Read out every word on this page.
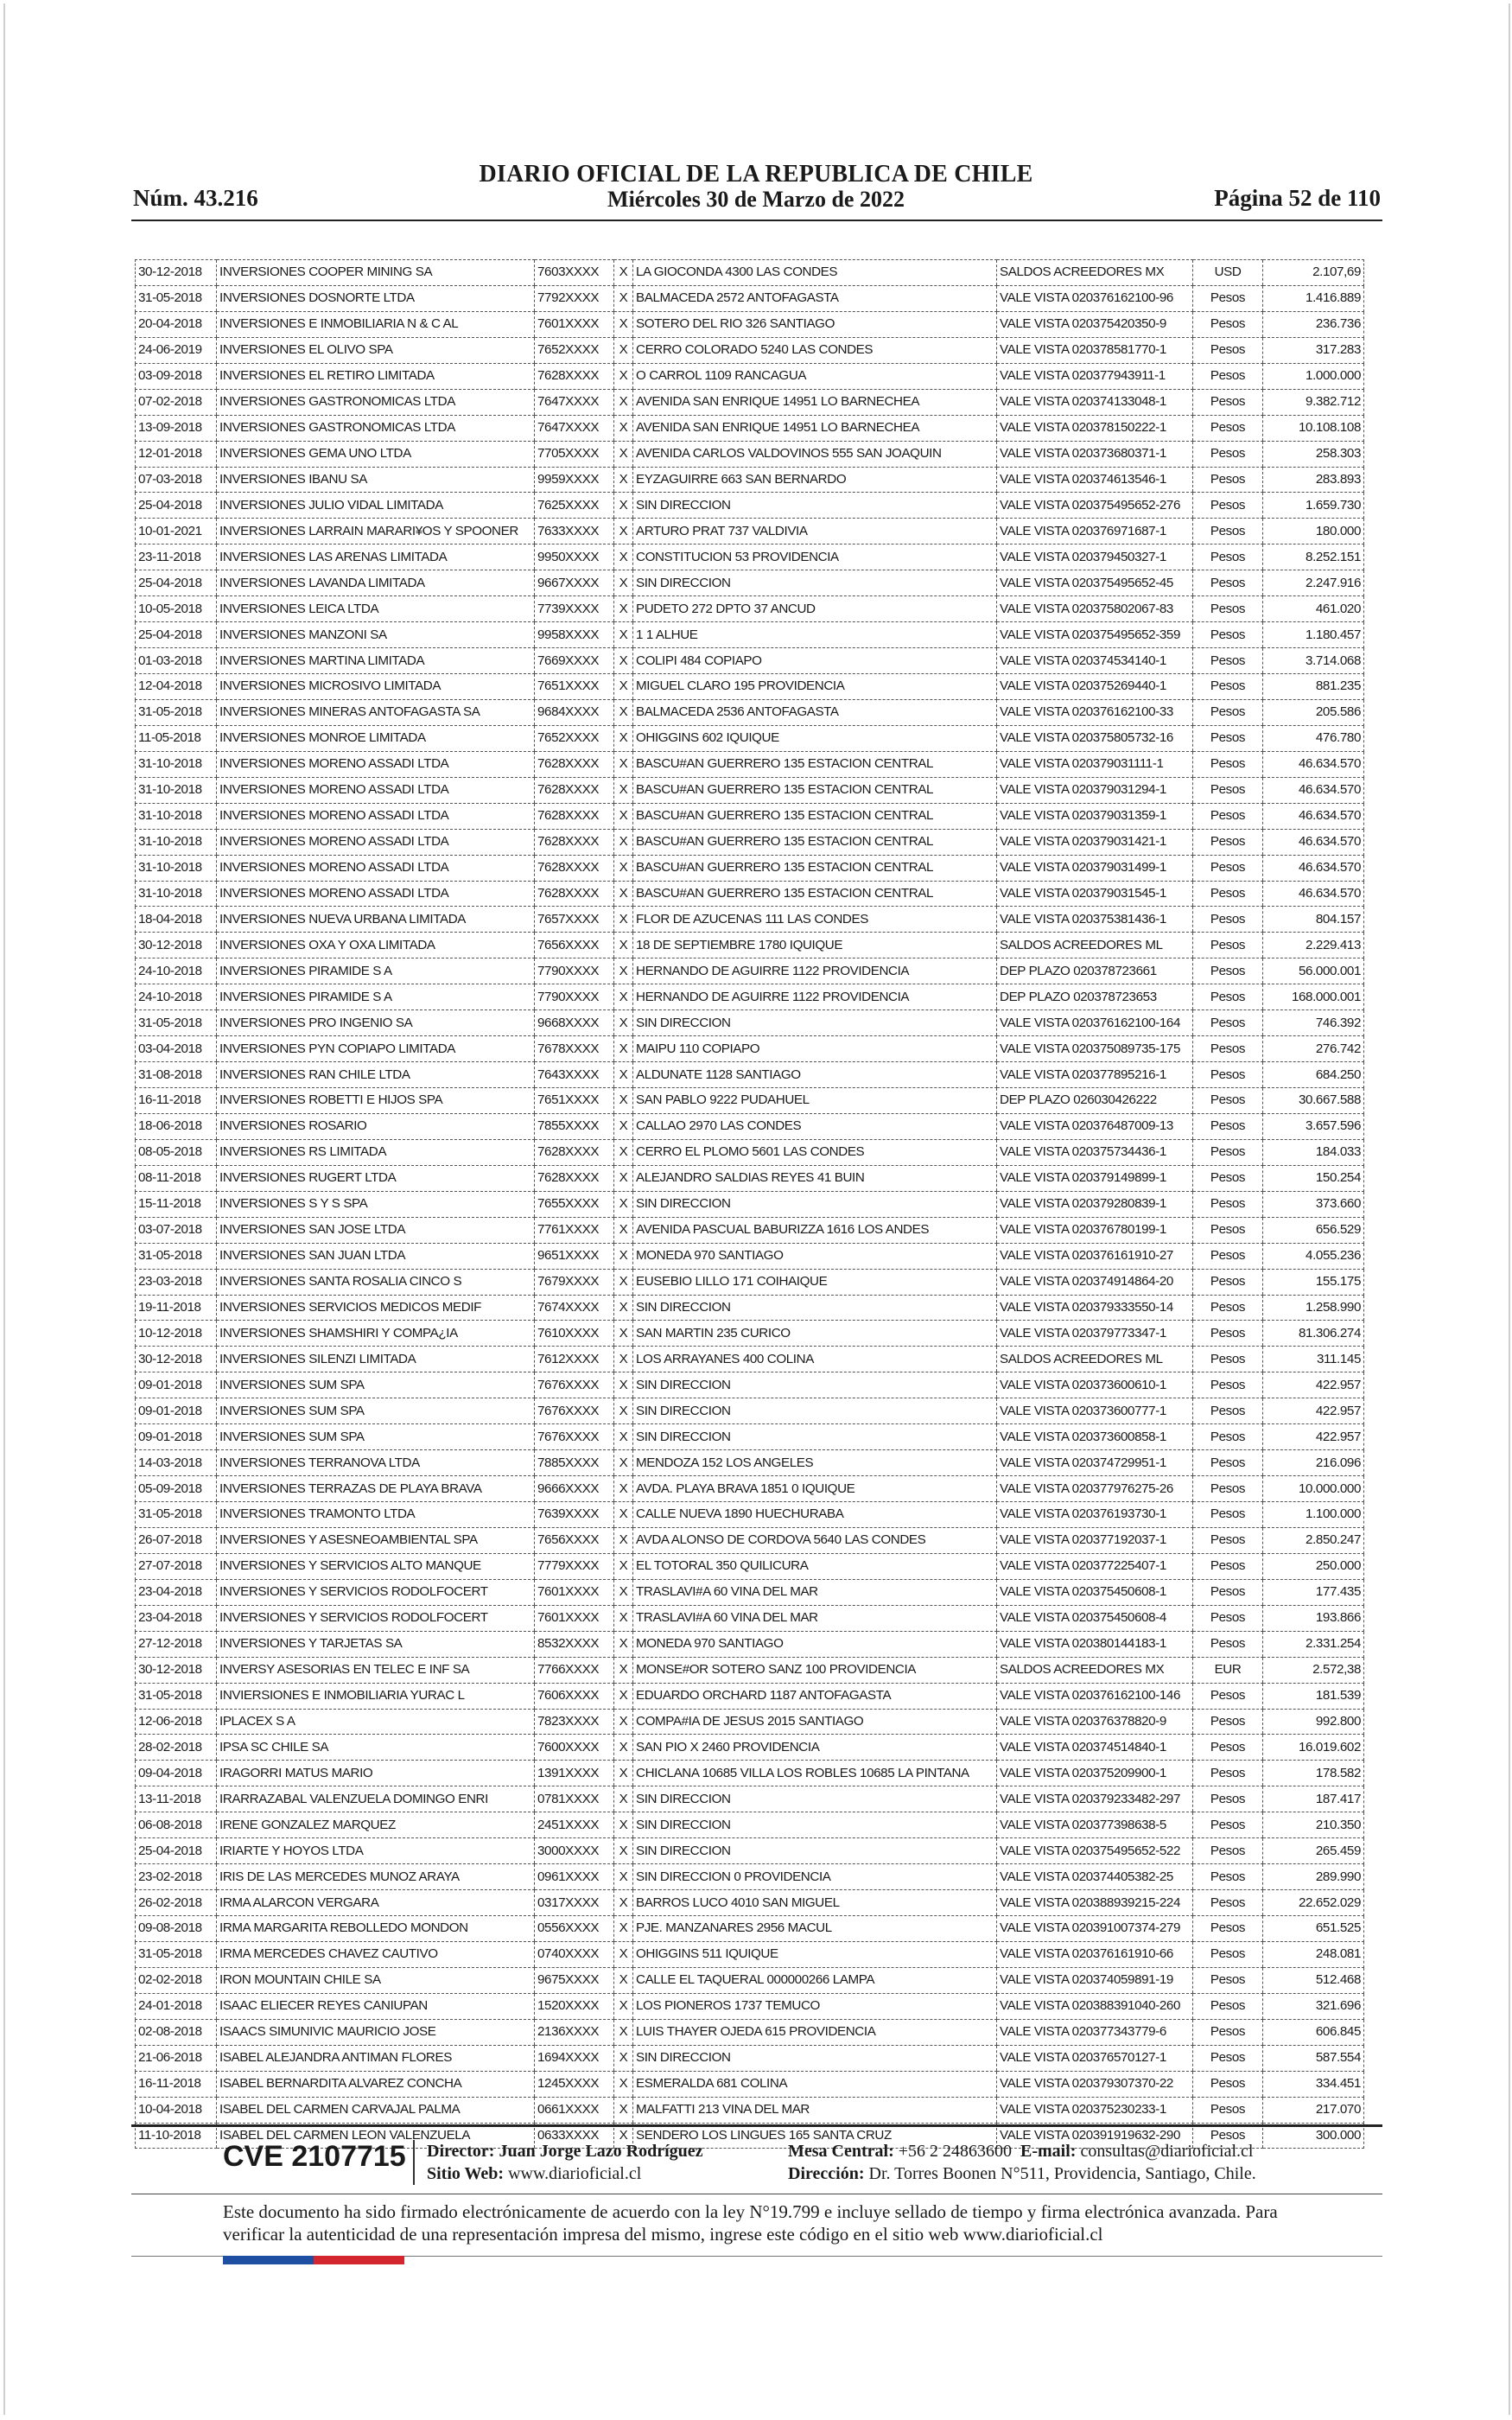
DIARIO OFICIAL DE LA REPUBLICA DE CHILE
Núm. 43.216	Miércoles 30 de Marzo de 2022	Página 52 de 110
30-12-2018	INVERSIONES COOPER MINING SA	7603XXXX	X	LA GIOCONDA 4300 LAS CONDES	SALDOS ACREEDORES MX	USD	2.107,69
31-05-2018	INVERSIONES DOSNORTE LTDA	7792XXXX	X	BALMACEDA 2572 ANTOFAGASTA	VALE VISTA 020376162100-96	Pesos	1.416.889
20-04-2018	INVERSIONES E INMOBILIARIA N & C AL	7601XXXX	X	SOTERO DEL RIO 326 SANTIAGO	VALE VISTA 020375420350-9	Pesos	236.736
24-06-2019	INVERSIONES EL OLIVO SPA	7652XXXX	X	CERRO COLORADO 5240 LAS CONDES	VALE VISTA 020378581770-1	Pesos	317.283
03-09-2018	INVERSIONES EL RETIRO LIMITADA	7628XXXX	X	O CARROL 1109 RANCAGUA	VALE VISTA 020377943911-1	Pesos	1.000.000
07-02-2018	INVERSIONES GASTRONOMICAS LTDA	7647XXXX	X	AVENIDA SAN ENRIQUE 14951 LO BARNECHEA	VALE VISTA 020374133048-1	Pesos	9.382.712
13-09-2018	INVERSIONES GASTRONOMICAS LTDA	7647XXXX	X	AVENIDA SAN ENRIQUE 14951 LO BARNECHEA	VALE VISTA 020378150222-1	Pesos	10.108.108
12-01-2018	INVERSIONES GEMA UNO LTDA	7705XXXX	X	AVENIDA CARLOS VALDOVINOS 555 SAN JOAQUIN	VALE VISTA 020373680371-1	Pesos	258.303
07-03-2018	INVERSIONES IBANU SA	9959XXXX	X	EYZAGUIRRE 663 SAN BERNARDO	VALE VISTA 020374613546-1	Pesos	283.893
25-04-2018	INVERSIONES JULIO VIDAL LIMITADA	7625XXXX	X	SIN DIRECCION	VALE VISTA 020375495652-276	Pesos	1.659.730
10-01-2021	INVERSIONES LARRAIN MARARI¥OS Y SPOONER	7633XXXX	X	ARTURO PRAT 737 VALDIVIA	VALE VISTA 020376971687-1	Pesos	180.000
23-11-2018	INVERSIONES LAS ARENAS LIMITADA	9950XXXX	X	CONSTITUCION 53 PROVIDENCIA	VALE VISTA 020379450327-1	Pesos	8.252.151
25-04-2018	INVERSIONES LAVANDA LIMITADA	9667XXXX	X	SIN DIRECCION	VALE VISTA 020375495652-45	Pesos	2.247.916
10-05-2018	INVERSIONES LEICA LTDA	7739XXXX	X	PUDETO 272 DPTO 37 ANCUD	VALE VISTA 020375802067-83	Pesos	461.020
25-04-2018	INVERSIONES MANZONI SA	9958XXXX	X	1 1 ALHUE	VALE VISTA 020375495652-359	Pesos	1.180.457
01-03-2018	INVERSIONES MARTINA LIMITADA	7669XXXX	X	COLIPI 484 COPIAPO	VALE VISTA 020374534140-1	Pesos	3.714.068
12-04-2018	INVERSIONES MICROSIVO LIMITADA	7651XXXX	X	MIGUEL CLARO 195 PROVIDENCIA	VALE VISTA 020375269440-1	Pesos	881.235
31-05-2018	INVERSIONES MINERAS ANTOFAGASTA SA	9684XXXX	X	BALMACEDA 2536 ANTOFAGASTA	VALE VISTA 020376162100-33	Pesos	205.586
11-05-2018	INVERSIONES MONROE LIMITADA	7652XXXX	X	OHIGGINS 602 IQUIQUE	VALE VISTA 020375805732-16	Pesos	476.780
31-10-2018	INVERSIONES MORENO ASSADI LTDA	7628XXXX	X	BASCU#AN GUERRERO 135 ESTACION CENTRAL	VALE VISTA 020379031111-1	Pesos	46.634.570
31-10-2018	INVERSIONES MORENO ASSADI LTDA	7628XXXX	X	BASCU#AN GUERRERO 135 ESTACION CENTRAL	VALE VISTA 020379031294-1	Pesos	46.634.570
31-10-2018	INVERSIONES MORENO ASSADI LTDA	7628XXXX	X	BASCU#AN GUERRERO 135 ESTACION CENTRAL	VALE VISTA 020379031359-1	Pesos	46.634.570
31-10-2018	INVERSIONES MORENO ASSADI LTDA	7628XXXX	X	BASCU#AN GUERRERO 135 ESTACION CENTRAL	VALE VISTA 020379031421-1	Pesos	46.634.570
31-10-2018	INVERSIONES MORENO ASSADI LTDA	7628XXXX	X	BASCU#AN GUERRERO 135 ESTACION CENTRAL	VALE VISTA 020379031499-1	Pesos	46.634.570
31-10-2018	INVERSIONES MORENO ASSADI LTDA	7628XXXX	X	BASCU#AN GUERRERO 135 ESTACION CENTRAL	VALE VISTA 020379031545-1	Pesos	46.634.570
18-04-2018	INVERSIONES NUEVA URBANA LIMITADA	7657XXXX	X	FLOR DE AZUCENAS 111 LAS CONDES	VALE VISTA 020375381436-1	Pesos	804.157
30-12-2018	INVERSIONES OXA Y OXA LIMITADA	7656XXXX	X	18 DE SEPTIEMBRE 1780 IQUIQUE	SALDOS ACREEDORES ML	Pesos	2.229.413
24-10-2018	INVERSIONES PIRAMIDE S A	7790XXXX	X	HERNANDO DE AGUIRRE 1122 PROVIDENCIA	DEP PLAZO 020378723661	Pesos	56.000.001
24-10-2018	INVERSIONES PIRAMIDE S A	7790XXXX	X	HERNANDO DE AGUIRRE 1122 PROVIDENCIA	DEP PLAZO 020378723653	Pesos	168.000.001
31-05-2018	INVERSIONES PRO INGENIO SA	9668XXXX	X	SIN DIRECCION	VALE VISTA 020376162100-164	Pesos	746.392
03-04-2018	INVERSIONES PYN COPIAPO LIMITADA	7678XXXX	X	MAIPU 110 COPIAPO	VALE VISTA 020375089735-175	Pesos	276.742
31-08-2018	INVERSIONES RAN CHILE LTDA	7643XXXX	X	ALDUNATE 1128 SANTIAGO	VALE VISTA 020377895216-1	Pesos	684.250
16-11-2018	INVERSIONES ROBETTI E HIJOS SPA	7651XXXX	X	SAN PABLO 9222 PUDAHUEL	DEP PLAZO 026030426222	Pesos	30.667.588
18-06-2018	INVERSIONES ROSARIO	7855XXXX	X	CALLAO 2970 LAS CONDES	VALE VISTA 020376487009-13	Pesos	3.657.596
08-05-2018	INVERSIONES RS LIMITADA	7628XXXX	X	CERRO EL PLOMO 5601 LAS CONDES	VALE VISTA 020375734436-1	Pesos	184.033
08-11-2018	INVERSIONES RUGERT LTDA	7628XXXX	X	ALEJANDRO SALDIAS REYES 41 BUIN	VALE VISTA 020379149899-1	Pesos	150.254
15-11-2018	INVERSIONES S Y S SPA	7655XXXX	X	SIN DIRECCION	VALE VISTA 020379280839-1	Pesos	373.660
03-07-2018	INVERSIONES SAN JOSE LTDA	7761XXXX	X	AVENIDA PASCUAL BABURIZZA 1616 LOS ANDES	VALE VISTA 020376780199-1	Pesos	656.529
31-05-2018	INVERSIONES SAN JUAN LTDA	9651XXXX	X	MONEDA 970 SANTIAGO	VALE VISTA 020376161910-27	Pesos	4.055.236
23-03-2018	INVERSIONES SANTA ROSALIA CINCO S	7679XXXX	X	EUSEBIO LILLO 171 COIHAIQUE	VALE VISTA 020374914864-20	Pesos	155.175
19-11-2018	INVERSIONES SERVICIOS MEDICOS MEDIF	7674XXXX	X	SIN DIRECCION	VALE VISTA 020379333550-14	Pesos	1.258.990
10-12-2018	INVERSIONES SHAMSHIRI Y COMPA¿IA	7610XXXX	X	SAN MARTIN 235 CURICO	VALE VISTA 020379773347-1	Pesos	81.306.274
30-12-2018	INVERSIONES SILENZI LIMITADA	7612XXXX	X	LOS ARRAYANES 400 COLINA	SALDOS ACREEDORES ML	Pesos	311.145
09-01-2018	INVERSIONES SUM SPA	7676XXXX	X	SIN DIRECCION	VALE VISTA 020373600610-1	Pesos	422.957
09-01-2018	INVERSIONES SUM SPA	7676XXXX	X	SIN DIRECCION	VALE VISTA 020373600777-1	Pesos	422.957
09-01-2018	INVERSIONES SUM SPA	7676XXXX	X	SIN DIRECCION	VALE VISTA 020373600858-1	Pesos	422.957
14-03-2018	INVERSIONES TERRANOVA LTDA	7885XXXX	X	MENDOZA 152 LOS ANGELES	VALE VISTA 020374729951-1	Pesos	216.096
05-09-2018	INVERSIONES TERRAZAS DE PLAYA BRAVA	9666XXXX	X	AVDA. PLAYA BRAVA 1851 0 IQUIQUE	VALE VISTA 020377976275-26	Pesos	10.000.000
31-05-2018	INVERSIONES TRAMONTO LTDA	7639XXXX	X	CALLE NUEVA 1890 HUECHURABA	VALE VISTA 020376193730-1	Pesos	1.100.000
26-07-2018	INVERSIONES Y ASESNEOAMBIENTAL SPA	7656XXXX	X	AVDA ALONSO DE CORDOVA 5640 LAS CONDES	VALE VISTA 020377192037-1	Pesos	2.850.247
27-07-2018	INVERSIONES Y SERVICIOS ALTO MANQUE	7779XXXX	X	EL TOTORAL 350 QUILICURA	VALE VISTA 020377225407-1	Pesos	250.000
23-04-2018	INVERSIONES Y SERVICIOS RODOLFOCERT	7601XXXX	X	TRASLAVI#A 60 VINA DEL MAR	VALE VISTA 020375450608-1	Pesos	177.435
23-04-2018	INVERSIONES Y SERVICIOS RODOLFOCERT	7601XXXX	X	TRASLAVI#A 60 VINA DEL MAR	VALE VISTA 020375450608-4	Pesos	193.866
27-12-2018	INVERSIONES Y TARJETAS SA	8532XXXX	X	MONEDA 970 SANTIAGO	VALE VISTA 020380144183-1	Pesos	2.331.254
30-12-2018	INVERSY ASESORIAS EN TELEC E INF SA	7766XXXX	X	MONSE#OR SOTERO SANZ 100 PROVIDENCIA	SALDOS ACREEDORES MX	EUR	2.572,38
31-05-2018	INVIERSIONES E INMOBILIARIA YURAC L	7606XXXX	X	EDUARDO ORCHARD 1187 ANTOFAGASTA	VALE VISTA 020376162100-146	Pesos	181.539
12-06-2018	IPLACEX S A	7823XXXX	X	COMPA#IA DE JESUS 2015 SANTIAGO	VALE VISTA 020376378820-9	Pesos	992.800
28-02-2018	IPSA SC CHILE SA	7600XXXX	X	SAN PIO X 2460 PROVIDENCIA	VALE VISTA 020374514840-1	Pesos	16.019.602
09-04-2018	IRAGORRI MATUS MARIO	1391XXXX	X	CHICLANA 10685 VILLA LOS ROBLES 10685 LA PINTANA	VALE VISTA 020375209900-1	Pesos	178.582
13-11-2018	IRARRAZABAL VALENZUELA DOMINGO ENRI	0781XXXX	X	SIN DIRECCION	VALE VISTA 020379233482-297	Pesos	187.417
06-08-2018	IRENE GONZALEZ MARQUEZ	2451XXXX	X	SIN DIRECCION	VALE VISTA 020377398638-5	Pesos	210.350
25-04-2018	IRIARTE Y HOYOS LTDA	3000XXXX	X	SIN DIRECCION	VALE VISTA 020375495652-522	Pesos	265.459
23-02-2018	IRIS DE LAS MERCEDES MUNOZ ARAYA	0961XXXX	X	SIN DIRECCION 0 PROVIDENCIA	VALE VISTA 020374405382-25	Pesos	289.990
26-02-2018	IRMA ALARCON VERGARA	0317XXXX	X	BARROS LUCO 4010 SAN MIGUEL	VALE VISTA 020388939215-224	Pesos	22.652.029
09-08-2018	IRMA MARGARITA REBOLLEDO MONDON	0556XXXX	X	PJE. MANZANARES 2956 MACUL	VALE VISTA 020391007374-279	Pesos	651.525
31-05-2018	IRMA MERCEDES CHAVEZ CAUTIVO	0740XXXX	X	OHIGGINS 511 IQUIQUE	VALE VISTA 020376161910-66	Pesos	248.081
02-02-2018	IRON MOUNTAIN CHILE SA	9675XXXX	X	CALLE EL TAQUERAL 000000266 LAMPA	VALE VISTA 020374059891-19	Pesos	512.468
24-01-2018	ISAAC ELIECER REYES CANIUPAN	1520XXXX	X	LOS PIONEROS 1737 TEMUCO	VALE VISTA 020388391040-260	Pesos	321.696
02-08-2018	ISAACS SIMUNIVIC MAURICIO JOSE	2136XXXX	X	LUIS THAYER OJEDA 615 PROVIDENCIA	VALE VISTA 020377343779-6	Pesos	606.845
21-06-2018	ISABEL ALEJANDRA ANTIMAN FLORES	1694XXXX	X	SIN DIRECCION	VALE VISTA 020376570127-1	Pesos	587.554
16-11-2018	ISABEL BERNARDITA ALVAREZ CONCHA	1245XXXX	X	ESMERALDA 681 COLINA	VALE VISTA 020379307370-22	Pesos	334.451
10-04-2018	ISABEL DEL CARMEN CARVAJAL PALMA	0661XXXX	X	MALFATTI 213 VINA DEL MAR	VALE VISTA 020375230233-1	Pesos	217.070
11-10-2018	ISABEL DEL CARMEN LEON VALENZUELA	0633XXXX	X	SENDERO LOS LINGUES 165 SANTA CRUZ	VALE VISTA 020391919632-290	Pesos	300.000
CVE 2107715 Director: Juan Jorge Lazo Rodríguez
Sitio Web: www.diarioficial.cl
Mesa Central: +56 2 24863600 E-mail: consultas@diarioficial.cl
Dirección: Dr. Torres Boonen N°511, Providencia, Santiago, Chile.
Este documento ha sido firmado electrónicamente de acuerdo con la ley N°19.799 e incluye sellado de tiempo y firma electrónica avanzada. Para verificar la autenticidad de una representación impresa del mismo, ingrese este código en el sitio web www.diarioficial.cl
